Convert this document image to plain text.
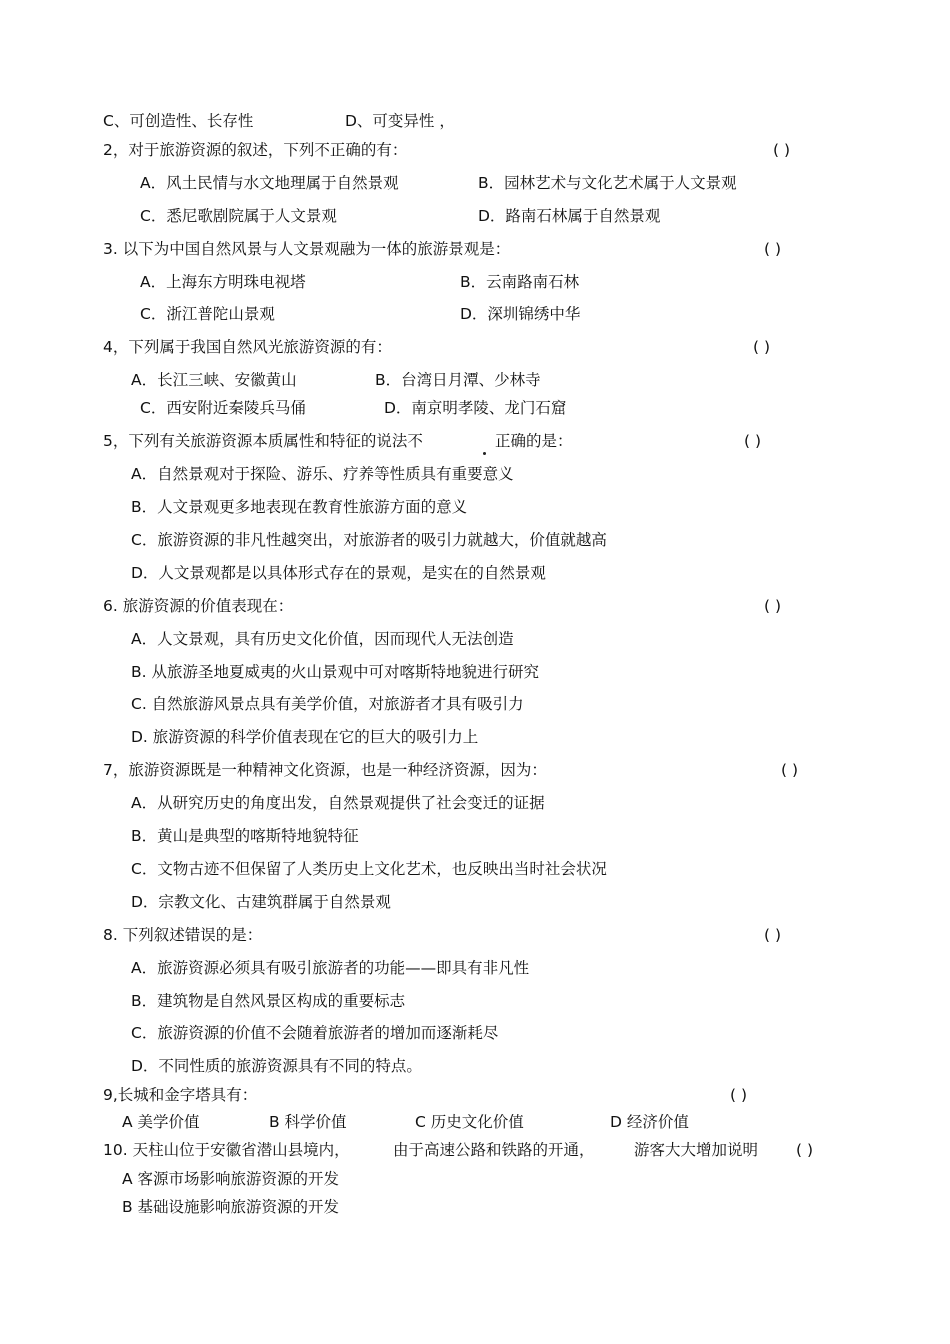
C、可创造性、长存性	D、可变异性 ，
2，对于旅游资源的叙述，下列不正确的有：	( )
A．风土民情与水文地理属于自然景观	B．园林艺术与文化艺术属于人文景观
C．悉尼歌剧院属于人文景观	D．路南石林属于自然景观
3. 以下为中国自然风景与人文景观融为一体的旅游景观是：	( )
A．上海东方明珠电视塔	B．云南路南石林
C．浙江普陀山景观	D．深圳锦绣中华
4，下列属于我国自然风光旅游资源的有：	( )
A．长江三峡、安徽黄山	B．台湾日月潭、少林寺
C．西安附近秦陵兵马俑	D．南京明孝陵、龙门石窟
5，下列有关旅游资源本质属性和特征的说法不	正确的是：	( )
A．自然景观对于探险、游乐、疗养等性质具有重要意义
B．人文景观更多地表现在教育性旅游方面的意义
C．旅游资源的非凡性越突出，对旅游者的吸引力就越大，价值就越高
D．人文景观都是以具体形式存在的景观，是实在的自然景观
6. 旅游资源的价值表现在：	( )
A．人文景观，具有历史文化价值，因而现代人无法创造
B. 从旅游圣地夏威夷的火山景观中可对喀斯特地貌进行研究
C. 自然旅游风景点具有美学价值，对旅游者才具有吸引力
D. 旅游资源的科学价值表现在它的巨大的吸引力上
7，旅游资源既是一种精神文化资源，也是一种经济资源，因为：	( )
A．从研究历史的角度出发，自然景观提供了社会变迁的证据
B．黄山是典型的喀斯特地貌特征
C．文物古迹不但保留了人类历史上文化艺术，也反映出当时社会状况
D．宗教文化、古建筑群属于自然景观
8. 下列叙述错误的是：	( )
A．旅游资源必须具有吸引旅游者的功能——即具有非凡性
B．建筑物是自然风景区构成的重要标志
C．旅游资源的价值不会随着旅游者的增加而逐渐耗尽
D．不同性质的旅游资源具有不同的特点。
9,长城和金字塔具有：	( )
A 美学价值	B 科学价值	C 历史文化价值	D 经济价值
10. 天柱山位于安徽省潜山县境内，	由于高速公路和铁路的开通，	游客大大增加说明 ( )
A 客源市场影响旅游资源的开发
B 基础设施影响旅游资源的开发
